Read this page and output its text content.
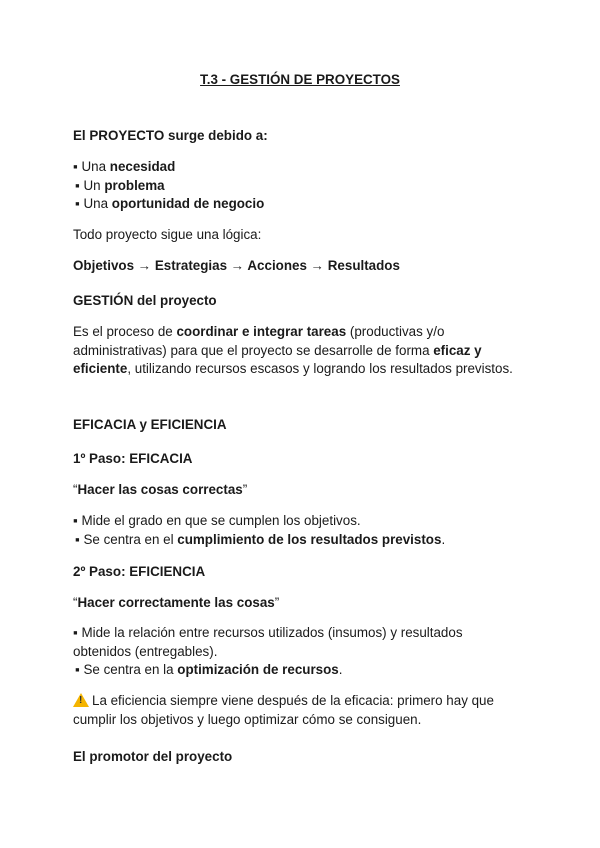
T.3 - GESTIÓN DE PROYECTOS

El PROYECTO surge debido a:

▪ Una necesidad
▪ Un problema
▪ Una oportunidad de negocio

Todo proyecto sigue una lógica:

Objetivos → Estrategias → Acciones → Resultados

GESTIÓN del proyecto

Es el proceso de coordinar e integrar tareas (productivas y/o administrativas) para que el proyecto se desarrolle de forma eficaz y eficiente, utilizando recursos escasos y logrando los resultados previstos.

EFICACIA y EFICIENCIA

1º Paso: EFICACIA

“Hacer las cosas correctas”

▪ Mide el grado en que se cumplen los objetivos.
▪ Se centra en el cumplimiento de los resultados previstos.

2º Paso: EFICIENCIA

“Hacer correctamente las cosas”

▪ Mide la relación entre recursos utilizados (insumos) y resultados obtenidos (entregables).
▪ Se centra en la optimización de recursos.

!La eficiencia siempre viene después de la eficacia: primero hay que cumplir los objetivos y luego optimizar cómo se consiguen.

El promotor del proyecto
